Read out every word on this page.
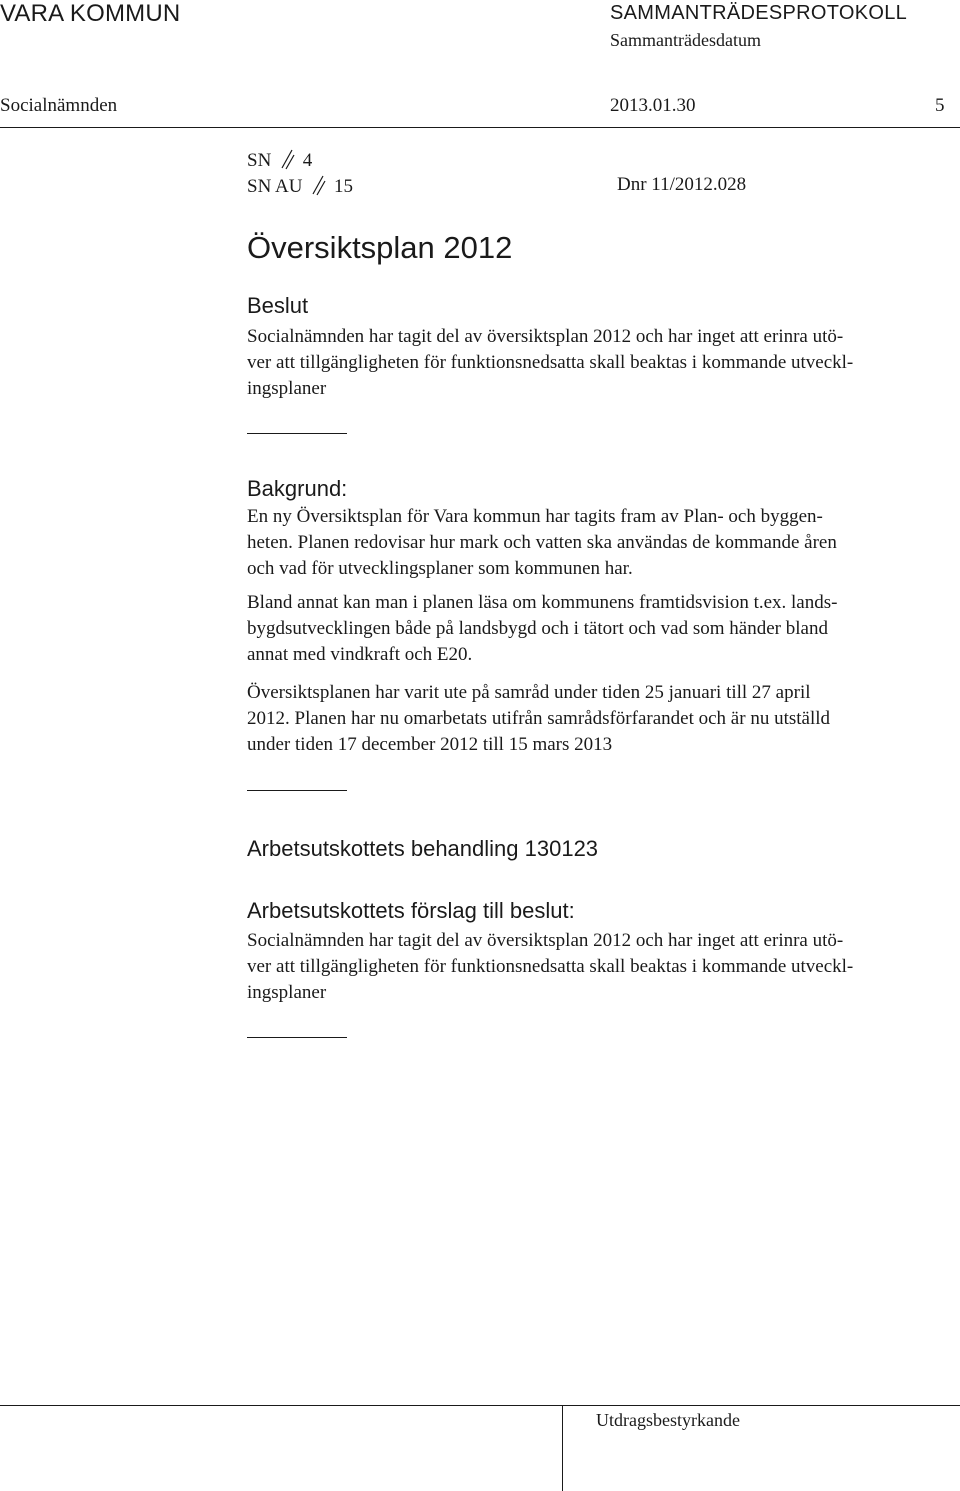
VARA KOMMUN	SAMMANTRÄDESPROTOKOLL
Sammanträdesdatum
Socialnämnden	2013.01.30	5
SN 4
SN AU 15	Dnr 11/2012.028
Översiktsplan 2012
Beslut

Socialnämnden har tagit del av översiktsplan 2012 och har inget att erinra utö-

ver att tillgängligheten för funktionsnedsatta skall beaktas i kommande utveckl-

ingsplaner

Bakgrund:

En ny Översiktsplan för Vara kommun har tagits fram av Plan- och byggen-

heten. Planen redovisar hur mark och vatten ska användas de kommande åren

och vad för utvecklingsplaner som kommunen har.

Bland annat kan man i planen läsa om kommunens framtidsvision t.ex. lands-

bygdsutvecklingen både på landsbygd och i tätort och vad som händer bland

annat med vindkraft och E20.

Översiktsplanen har varit ute på samråd under tiden 25 januari till 27 april

2012. Planen har nu omarbetats utifrån samrådsförfarandet och är nu utställd

under tiden 17 december 2012 till 15 mars 2013

Arbetsutskottets behandling 130123
Arbetsutskottets förslag till beslut:

Socialnämnden har tagit del av översiktsplan 2012 och har inget att erinra utö-

ver att tillgängligheten för funktionsnedsatta skall beaktas i kommande utveckl-

ingsplaner

Utdragsbestyrkande
